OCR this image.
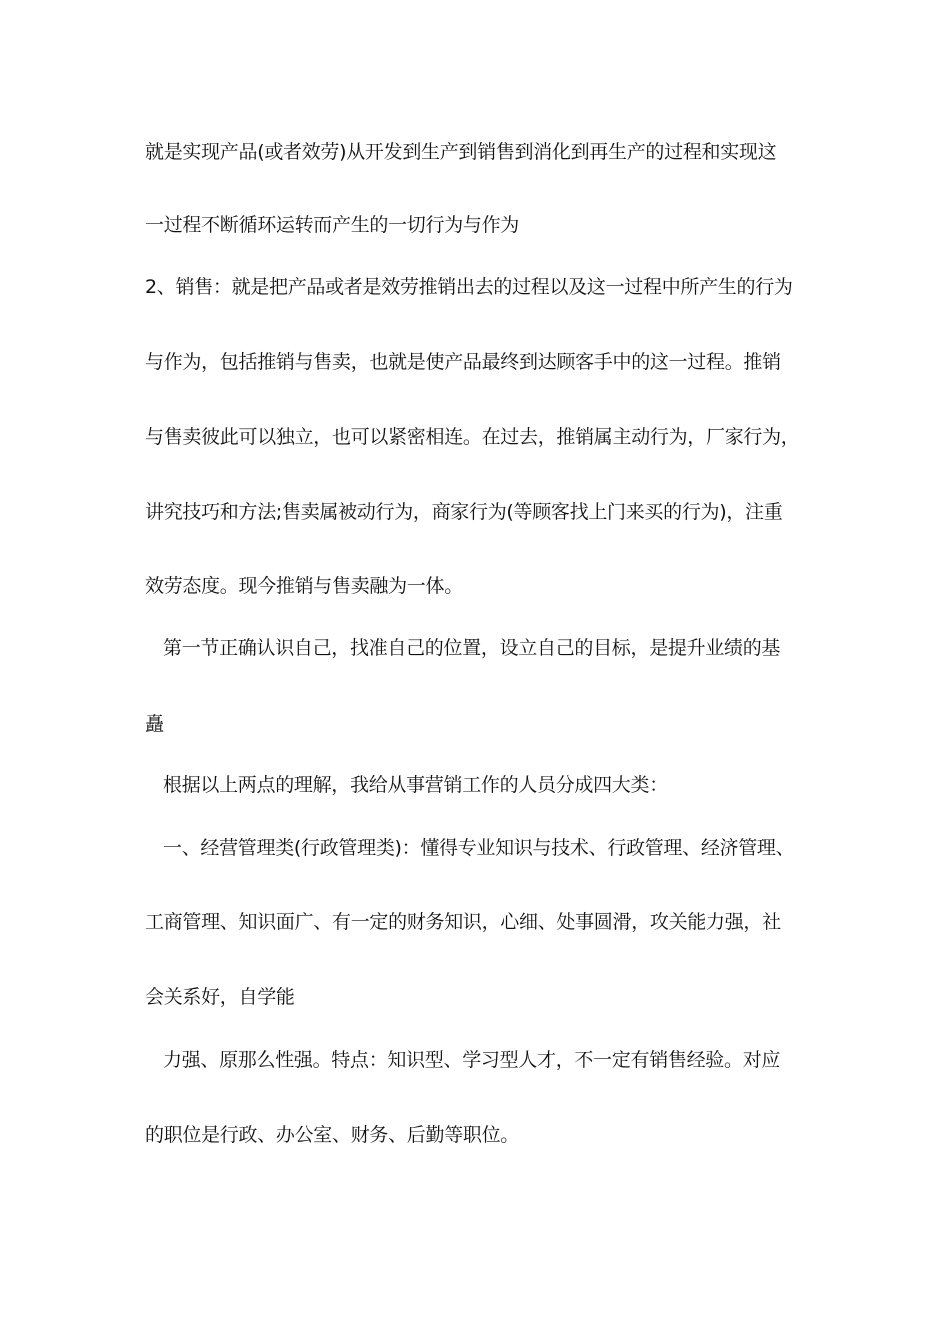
就是实现产品(或者效劳)从开发到生产到销售到消化到再生产的过程和实现这
一过程不断循环运转而产生的一切行为与作为
2、销售：就是把产品或者是效劳推销出去的过程以及这一过程中所产生的行为
与作为，包括推销与售卖，也就是使产品最终到达顾客手中的这一过程。推销
与售卖彼此可以独立，也可以紧密相连。在过去，推销属主动行为，厂家行为，
讲究技巧和方法;售卖属被动行为，商家行为(等顾客找上门来买的行为)，注重
效劳态度。现今推销与售卖融为一体。
第一节正确认识自己，找准自己的位置，设立自己的目标，是提升业绩的基
矗
根据以上两点的理解，我给从事营销工作的人员分成四大类：
一、经营管理类(行政管理类)：懂得专业知识与技术、行政管理、经济管理、
工商管理、知识面广、有一定的财务知识，心细、处事圆滑，攻关能力强，社
会关系好，自学能
力强、原那么性强。特点：知识型、学习型人才，不一定有销售经验。对应
的职位是行政、办公室、财务、后勤等职位。
